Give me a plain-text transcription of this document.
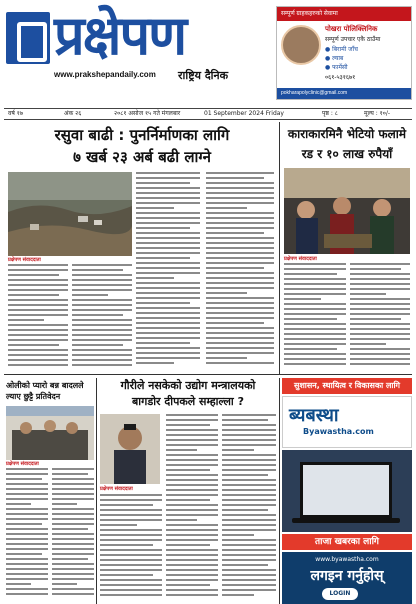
प्रक्षेपण
www.prakshepandaily.com राष्ट्रिय दैनिक
सम्पूर्ण ग्राहकहरुको सेवामा
पोखरा पोलिक्लिनिक
सम्पूर्ण उपचार एकै ठाउँमा
● बिरामी जाँच
● ल्याब
● फार्मेसी
०६१-५३१६७१
pokharapolyclinic@gmail.com
वर्ष १७	अंक २६	२०८१ असोज १५ गते मंगलबार	01 September 2024 Friday	पृष्ठ : ८	मूल्य : १०/-
रसुवा बाढी : पुनर्निर्माणका लागि
७ खर्ब २३ अर्ब बढी लाग्ने
प्रक्षेपण संवाददाता
काराकारमिनै भेटियो फलामे
रड र १० लाख रुपैयाँ
प्रक्षेपण संवाददाता
ओलीको प्यारो बन्न बादलले ल्याए छुट्टै प्रतिवेदन
प्रक्षेपण संवाददाता
गौरीले नसकेको उद्योग मन्त्रालयको
बागडोर दीपकले सम्हाल्ला ?
प्रक्षेपण संवाददाता
सुशासन, स्थायित्व र विकासका लागि
ब्यबस्था
Byawastha.com
ताजा खबरका लागि
www.byawastha.com
लगइन गर्नुहोस्
LOGIN
